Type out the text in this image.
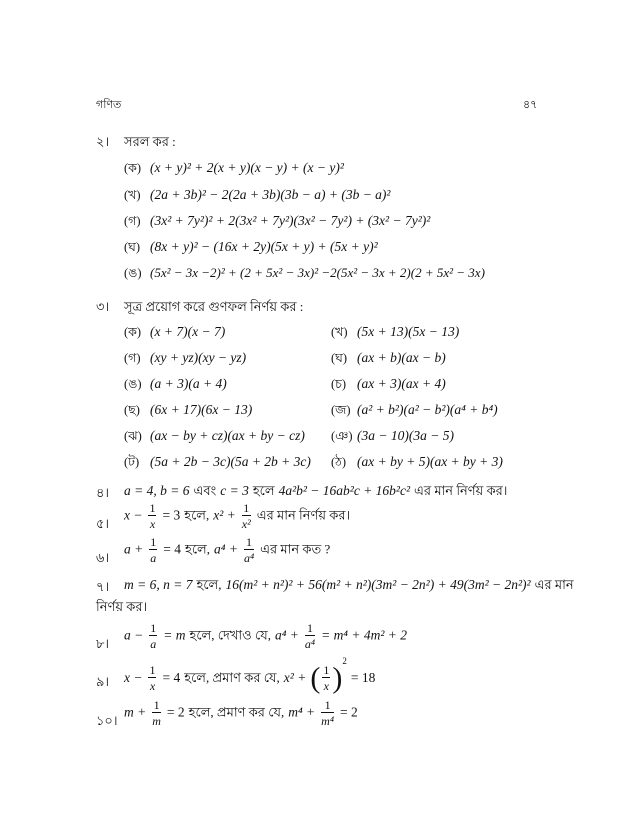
গণিত	৪৭
২। সরল কর :
(ক) (x + y)² + 2(x + y)(x − y) + (x − y)²
(খ) (2a + 3b)² − 2(2a + 3b)(3b − a) + (3b − a)²
(গ) (3x² + 7y²)² + 2(3x² + 7y²)(3x² − 7y²) + (3x² − 7y²)²
(ঘ) (8x + y)² − (16x + 2y)(5x + y) + (5x + y)²
(ঙ) (5x² − 3x −2)² + (2 + 5x² − 3x)² −2(5x² − 3x + 2)(2 + 5x² − 3x)
৩। সূত্র প্রয়োগ করে গুণফল নির্ণয় কর :
(ক) (x + 7)(x − 7)
(গ) (xy + yz)(xy − yz)
(ঙ) (a + 3)(a + 4)
(ছ) (6x + 17)(6x − 13)
(ঝ) (ax − by + cz)(ax + by − cz)
(ট) (5a + 2b − 3c)(5a + 2b + 3c)
(খ) (5x + 13)(5x − 13)
(ঘ) (ax + b)(ax − b)
(চ) (ax + 3)(ax + 4)
(জ) (a² + b²)(a² − b²)(a⁴ + b⁴)
(ঞ) (3a − 10)(3a − 5)
(ঠ) (ax + by + 5)(ax + by + 3)
৪। a = 4, b = 6 এবং c = 3 হলে 4a²b² − 16ab²c + 16b²c² এর মান নির্ণয় কর।
৫।
$x - \frac{1}{x} = 3$ হলে, $x^2 + \frac{1}{\text{x²}}$ এর মান নির্ণয় কর।
৬।
$a + \frac{1}{a} = 4$ হলে, $a^4 + \frac{1}{\text{a⁴}}$ এর মান কত ?
৭। m = 6, n = 7 হলে, 16(m² + n²)² + 56(m² + n²)(3m² − 2n²) + 49(3m² − 2n²)² এর মান
নির্ণয় কর।
৮।
$a - \frac{1}{a} = m$ হলে, দেখাও যে, $a^4 + \frac{1}{\text{a⁴}} = m^4 + 4m^2 + 2$
৯। $x - \frac{1}{x} = 4$ হলে, প্রমাণ কর যে, x² + ( $\frac{1}{x} )^2 = 18$
১০।
$m + \frac{1}{m} = 2$ হলে, প্রমাণ কর যে, $m^4 + \frac{1}{\text{m⁴}} = 2$
